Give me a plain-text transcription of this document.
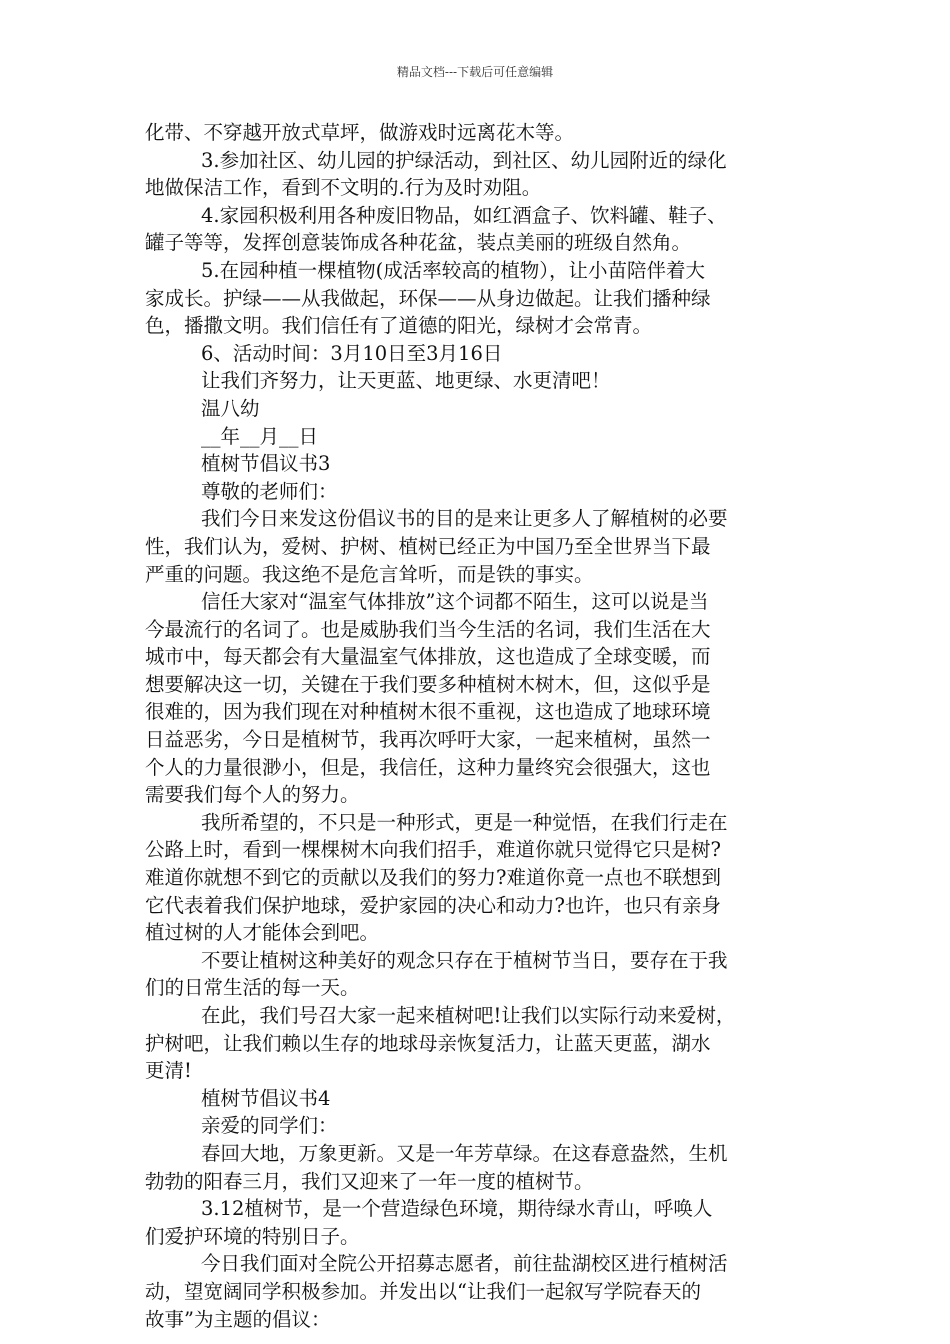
精品文档---下载后可任意编辑
化带、不穿越开放式草坪，做游戏时远离花木等。
3.参加社区、幼儿园的护绿活动，到社区、幼儿园附近的绿化
地做保洁工作，看到不文明的.行为及时劝阻。
4.家园积极利用各种废旧物品，如红酒盒子、饮料罐、鞋子、
罐子等等，发挥创意装饰成各种花盆，装点美丽的班级自然角。
5.在园种植一棵植物(成活率较高的植物），让小苗陪伴着大
家成长。护绿——从我做起，环保——从身边做起。让我们播种绿
色，播撒文明。我们信任有了道德的阳光，绿树才会常青。
6、活动时间：3月10日至3月16日
让我们齐努力，让天更蓝、地更绿、水更清吧！
温八幼
__年__月__日
植树节倡议书3
尊敬的老师们：
我们今日来发这份倡议书的目的是来让更多人了解植树的必要
性，我们认为，爱树、护树、植树已经正为中国乃至全世界当下最
严重的问题。我这绝不是危言耸听，而是铁的事实。
信任大家对“温室气体排放”这个词都不陌生，这可以说是当
今最流行的名词了。也是威胁我们当今生活的名词，我们生活在大
城市中，每天都会有大量温室气体排放，这也造成了全球变暖，而
想要解决这一切，关键在于我们要多种植树木树木，但，这似乎是
很难的，因为我们现在对种植树木很不重视，这也造成了地球环境
日益恶劣，今日是植树节，我再次呼吁大家，一起来植树，虽然一
个人的力量很渺小，但是，我信任，这种力量终究会很强大，这也
需要我们每个人的努力。
我所希望的，不只是一种形式，更是一种觉悟，在我们行走在
公路上时，看到一棵棵树木向我们招手，难道你就只觉得它只是树?
难道你就想不到它的贡献以及我们的努力?难道你竟一点也不联想到
它代表着我们保护地球，爱护家园的决心和动力?也许，也只有亲身
植过树的人才能体会到吧。
不要让植树这种美好的观念只存在于植树节当日，要存在于我
们的日常生活的每一天。
在此，我们号召大家一起来植树吧!让我们以实际行动来爱树，
护树吧，让我们赖以生存的地球母亲恢复活力，让蓝天更蓝，湖水
更清!
植树节倡议书4
亲爱的同学们：
春回大地，万象更新。又是一年芳草绿。在这春意盎然，生机
勃勃的阳春三月，我们又迎来了一年一度的植树节。
3.12植树节，是一个营造绿色环境，期待绿水青山，呼唤人
们爱护环境的特别日子。
今日我们面对全院公开招募志愿者，前往盐湖校区进行植树活
动，望宽阔同学积极参加。并发出以“让我们一起叙写学院春天的
故事”为主题的倡议：
